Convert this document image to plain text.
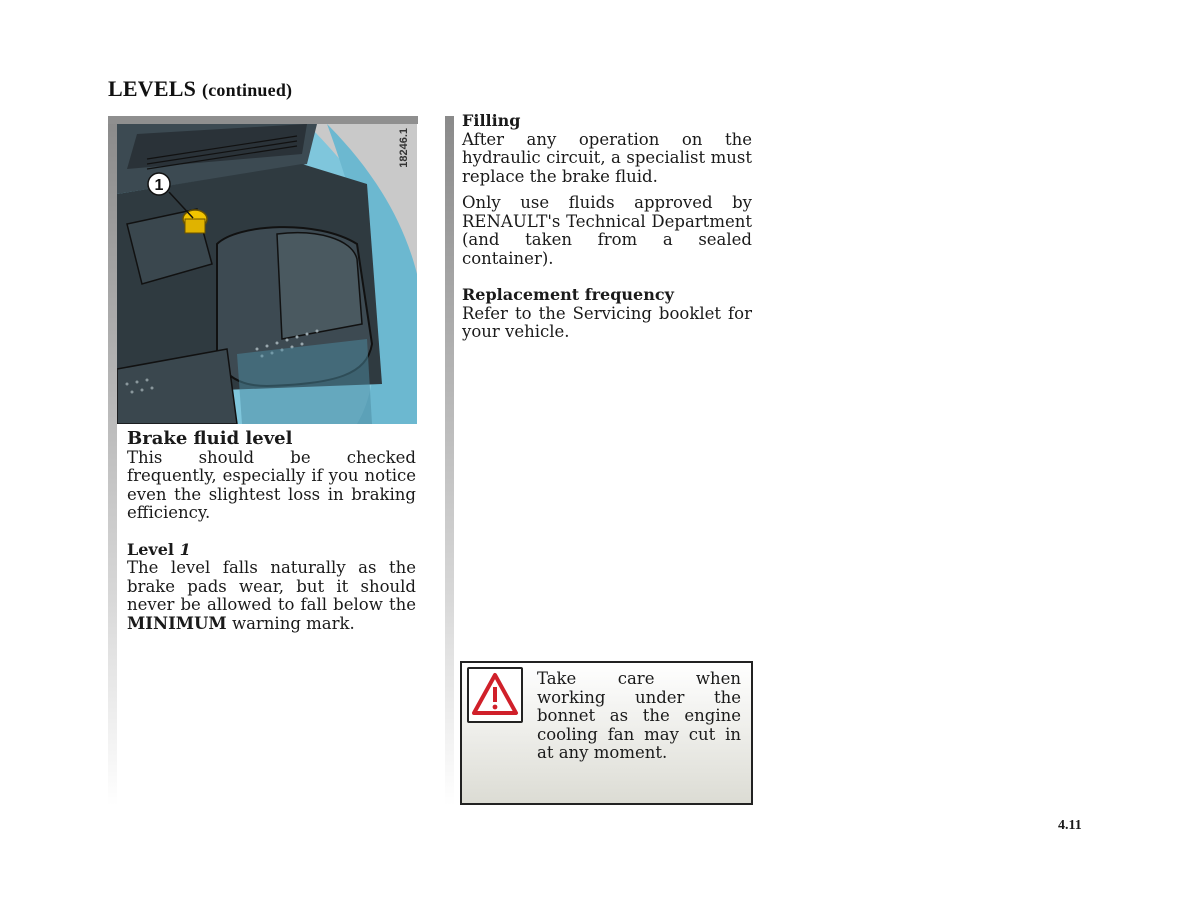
LEVELS (continued)
1
18246.1

Brake fluid level

This should be checked frequently, especially if you notice even the slightest loss in braking efficiency.

Level 1

The level falls naturally as the brake pads wear, but it should never be allowed to fall below the MINIMUM warning mark.

Filling

After any operation on the hydraulic circuit, a specialist must replace the brake fluid.

Only use fluids approved by RENAULT's Technical Department (and taken from a sealed container).

Replacement frequency

Refer to the Servicing booklet for your vehicle.

Take care when working under the bonnet as the engine cooling fan may cut in at any moment.
4.11
